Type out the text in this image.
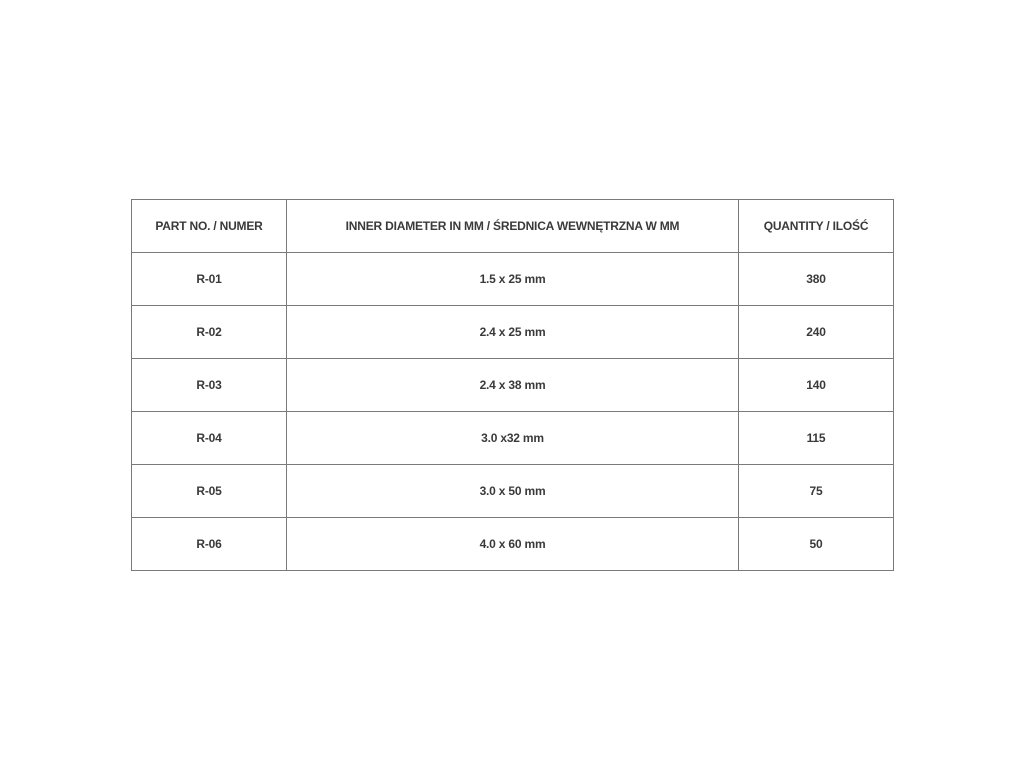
PART NO. / NUMER	INNER DIAMETER IN MM / ŚREDNICA WEWNĘTRZNA W MM	QUANTITY / ILOŚĆ
R-01	1.5 x 25 mm	380
R-02	2.4 x 25 mm	240
R-03	2.4 x 38 mm	140
R-04	3.0 x32 mm	115
R-05	3.0 x 50 mm	75
R-06	4.0 x 60 mm	50
